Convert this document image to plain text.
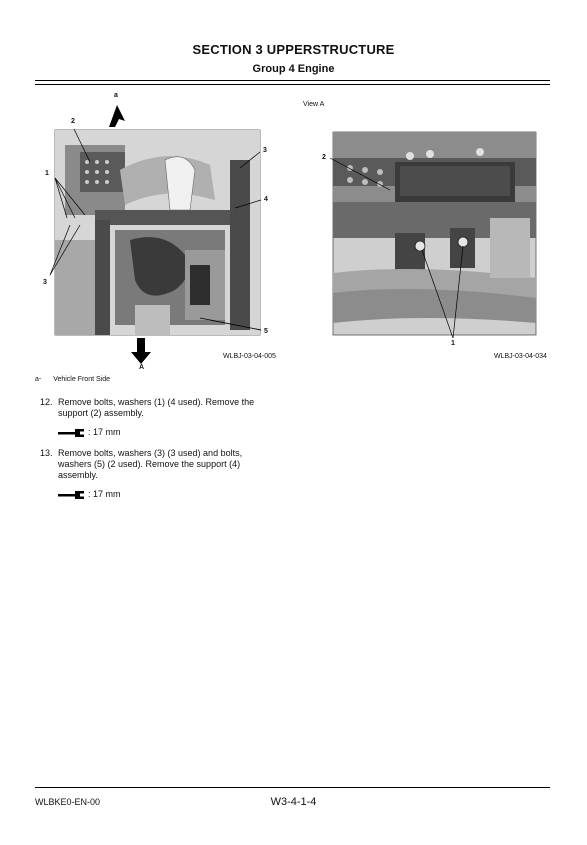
SECTION 3 UPPERSTRUCTURE
Group 4 Engine
a
2
3
1
4
3
5
A
WLBJ-03-04-005
View A
2
1
WLBJ-03-04-034
a- Vehicle Front Side
12. Remove bolts, washers (1) (4 used). Remove the
support (2) assembly.
: 17 mm
13. Remove bolts, washers (3) (3 used) and bolts,
washers (5) (2 used). Remove the support (4)
assembly.
: 17 mm
WLBKE0-EN-00	W3-4-1-4
